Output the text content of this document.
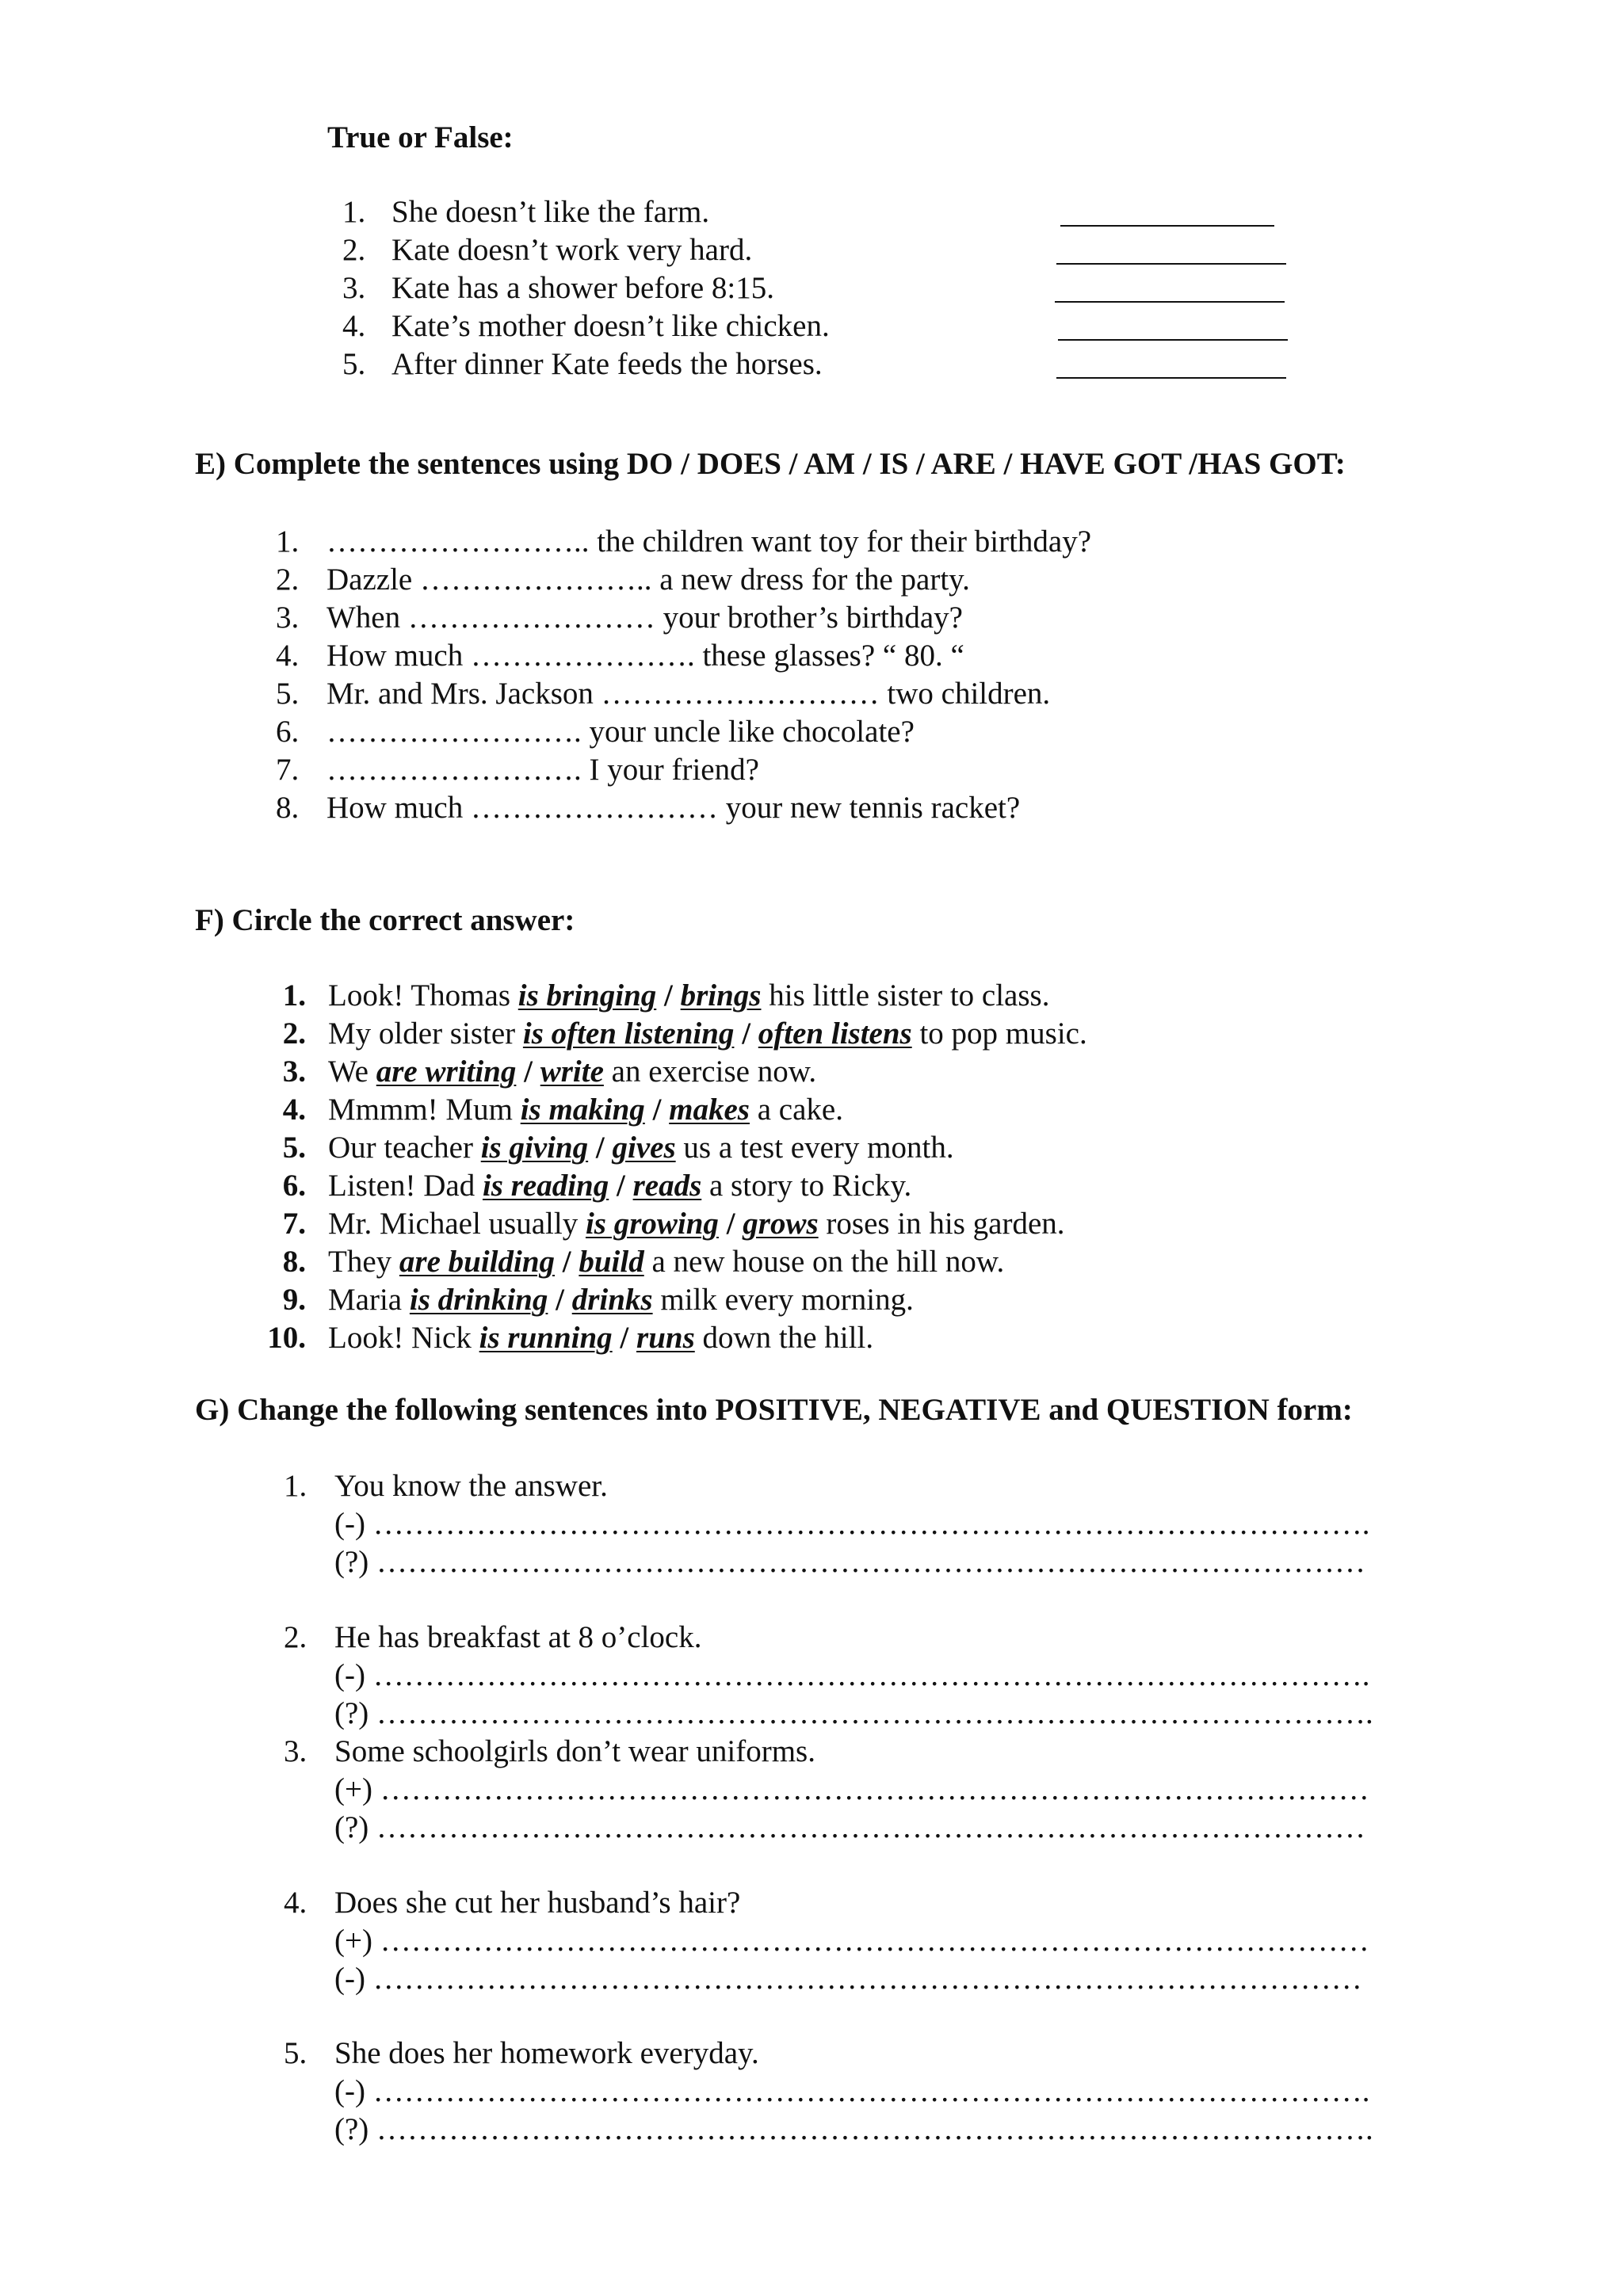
True or False:
1. She doesn’t like the farm.
2. Kate doesn’t work very hard.
3. Kate has a shower before 8:15.
4. Kate’s mother doesn’t like chicken.
5. After dinner Kate feeds the horses.
E) Complete the sentences using DO / DOES / AM / IS / ARE / HAVE GOT /HAS GOT:
1. …………………….. the children want toy for their birthday?
2. Dazzle ………………….. a new dress for the party.
3. When …………………… your brother’s birthday?
4. How much …………………. these glasses? “ 80. “
5. Mr. and Mrs. Jackson ……………………… two children.
6. ……………………. your uncle like chocolate?
7. ……………………. I your friend?
8. How much …………………… your new tennis racket?
F) Circle the correct answer:
1. Look! Thomas is bringing / brings his little sister to class.
2. My older sister is often listening / often listens to pop music.
3. We are writing / write an exercise now.
4. Mmmm! Mum is making / makes a cake.
5. Our teacher is giving / gives us a test every month.
6. Listen! Dad is reading / reads a story to Ricky.
7. Mr. Michael usually is growing / grows roses in his garden.
8. They are building / build a new house on the hill now.
9. Maria is drinking / drinks milk every morning.
10. Look! Nick is running / runs down the hill.
G) Change the following sentences into POSITIVE, NEGATIVE and QUESTION form:
1. You know the answer.
(-) …………………………………………………………………………………….
(?) ……………………………………………………………………………………
2. He has breakfast at 8 o’clock.
(-) …………………………………………………………………………………….
(?) …………………………………………………………………………………….
3. Some schoolgirls don’t wear uniforms.
(+) ……………………………………………………………………………………
(?) ……………………………………………………………………………………
4. Does she cut her husband’s hair?
(+) ……………………………………………………………………………………
(-) ……………………………………………………………………………………
5. She does her homework everyday.
(-) …………………………………………………………………………………….
(?) …………………………………………………………………………………….
